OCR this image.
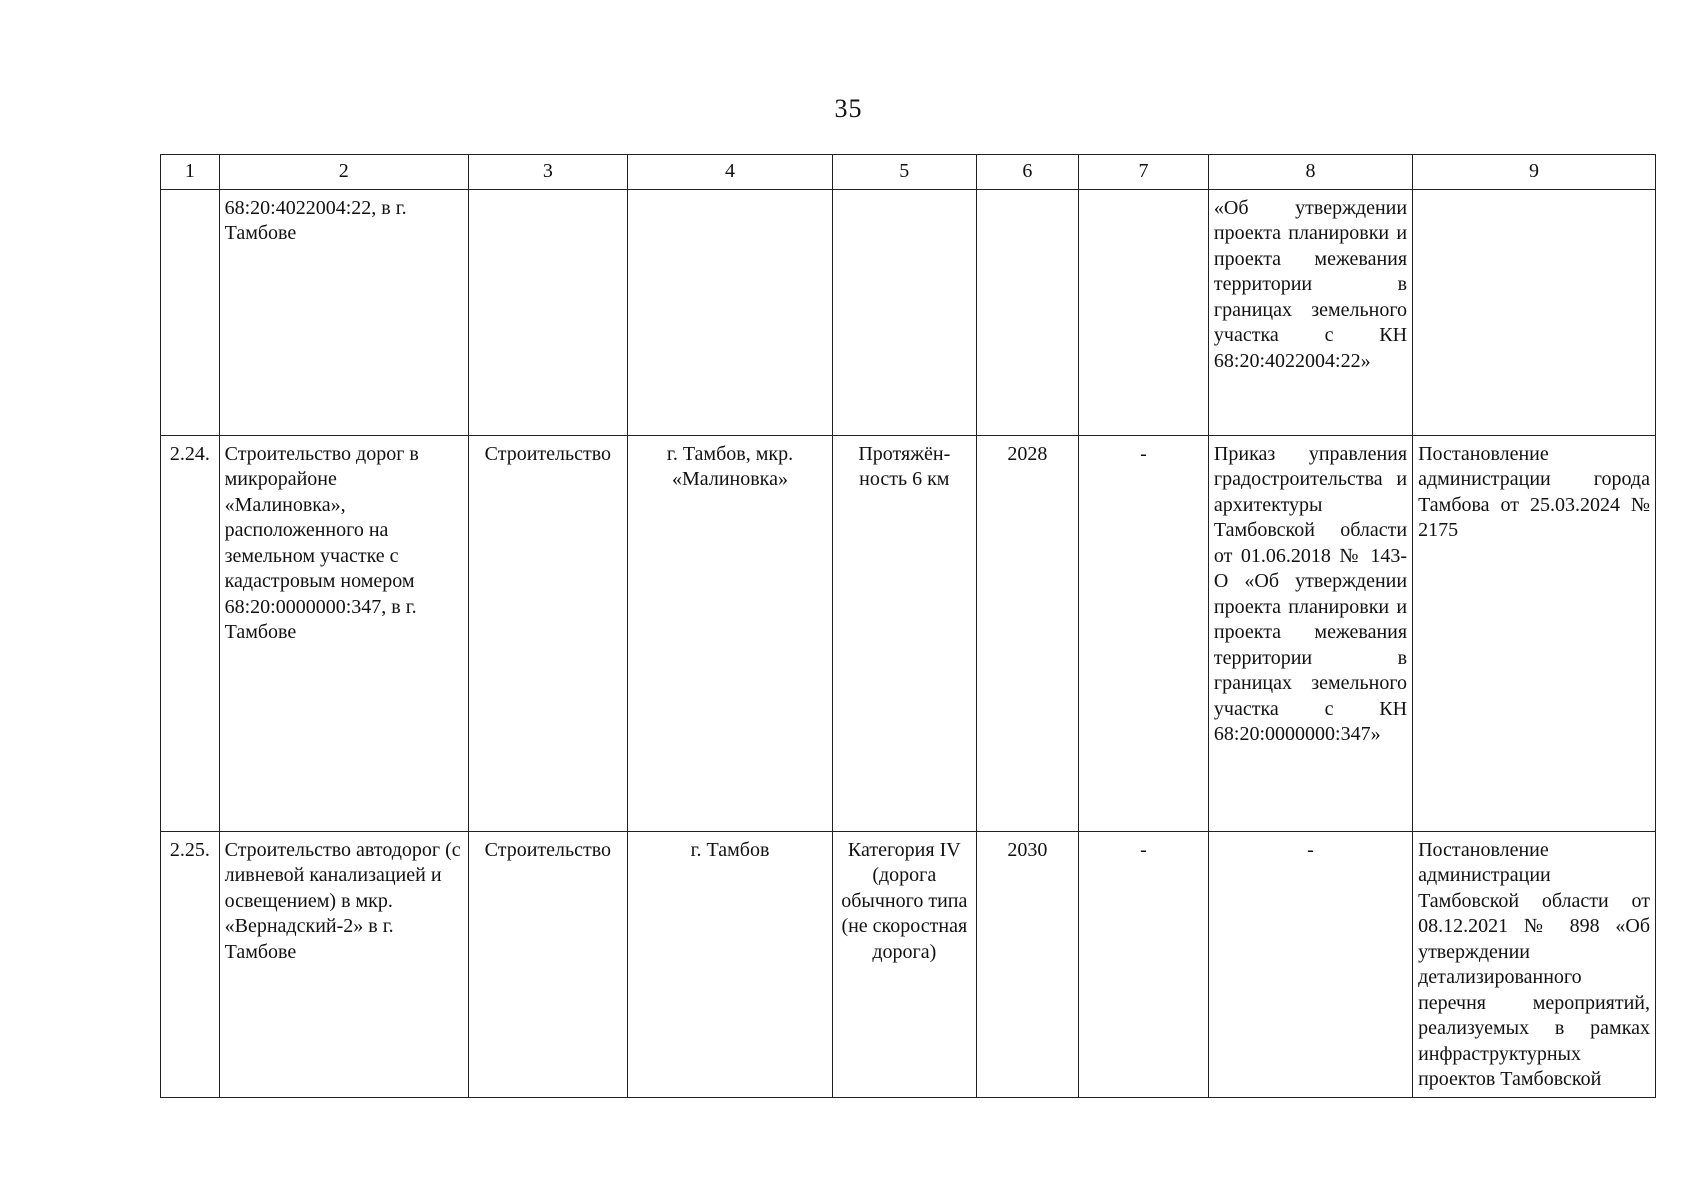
35
1	2	3	4	5	6	7	8	9
	68:20:4022004:22, в г. Тамбове						«Об утверждении проекта планировки и проекта межевания территории в границах земельного участка с КН 68:20:4022004:22»	
2.24.	Строительство дорог в микрорайоне «Малиновка», расположенного на земельном участке с кадастровым номером 68:20:0000000:347, в г. Тамбове	Строительство	г. Тамбов, мкр. «Малиновка»	Протяжён-ность 6 км	2028	-	Приказ управления градостроительства и архитектуры Тамбовской области от 01.06.2018 № 143-О «Об утверждении проекта планировки и проекта межевания территории в границах земельного участка с КН 68:20:0000000:347»	Постановление администрации города Тамбова от 25.03.2024 № 2175
2.25.	Строительство автодорог (с ливневой канализацией и освещением) в мкр. «Вернадский-2» в г. Тамбове	Строительство	г. Тамбов	Категория IV (дорога обычного типа (не скоростная дорога)	2030	-	-	Постановление администрации Тамбовской области от 08.12.2021 № 898 «Об утверждении детализированного перечня мероприятий, реализуемых в рамках инфраструктурных проектов Тамбовской
